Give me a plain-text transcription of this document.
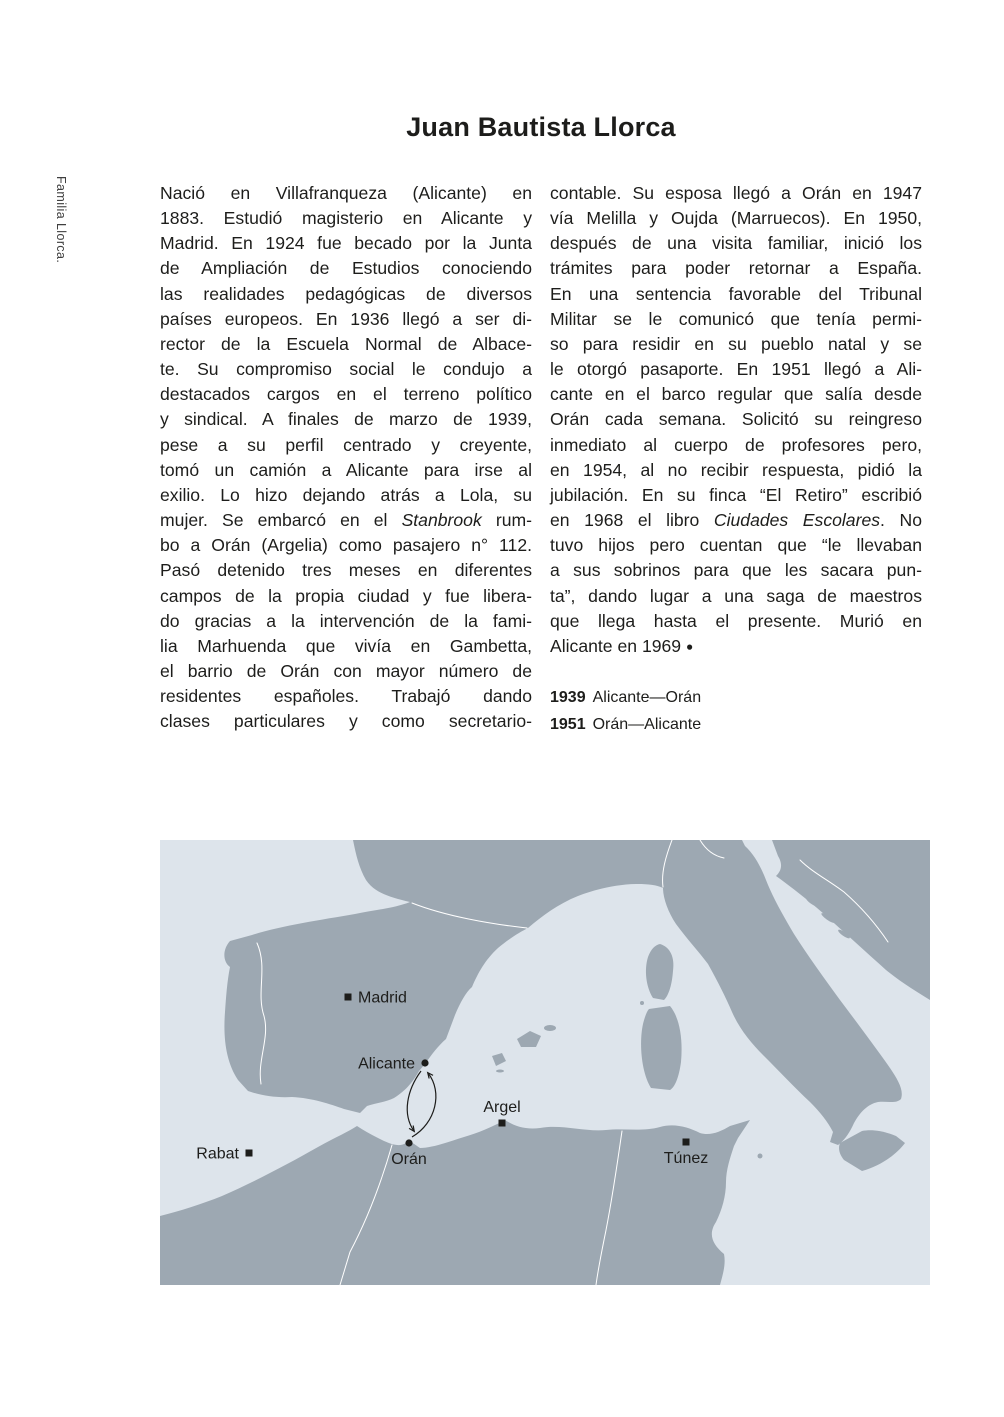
Familia Llorca.
Juan Bautista Llorca
Nació en Villafranqueza (Alicante) en
1883. Estudió magisterio en Alicante y
Madrid. En 1924 fue becado por la Junta
de Ampliación de Estudios conociendo
las realidades pedagógicas de diversos
países europeos. En 1936 llegó a ser di-
rector de la Escuela Normal de Albace-
te. Su compromiso social le condujo a
destacados cargos en el terreno político
y sindical. A finales de marzo de 1939,
pese a su perfil centrado y creyente,
tomó un camión a Alicante para irse al
exilio. Lo hizo dejando atrás a Lola, su
mujer. Se embarcó en el Stanbrook rum-
bo a Orán (Argelia) como pasajero n° 112.
Pasó detenido tres meses en diferentes
campos de la propia ciudad y fue libera-
do gracias a la intervención de la fami-
lia Marhuenda que vivía en Gambetta,
el barrio de Orán con mayor número de
residentes españoles. Trabajó dando
clases particulares y como secretario-
contable. Su esposa llegó a Orán en 1947
vía Melilla y Oujda (Marruecos). En 1950,
después de una visita familiar, inició los
trámites para poder retornar a España.
En una sentencia favorable del Tribunal
Militar se le comunicó que tenía permi-
so para residir en su pueblo natal y se
le otorgó pasaporte. En 1951 llegó a Ali-
cante en el barco regular que salía desde
Orán cada semana. Solicitó su reingreso
inmediato al cuerpo de profesores pero,
en 1954, al no recibir respuesta, pidió la
jubilación. En su finca “El Retiro” escribió
en 1968 el libro Ciudades Escolares. No
tuvo hijos pero cuentan que “le llevaban
a sus sobrinos para que les sacara pun-
ta”, dando lugar a una saga de maestros
que llega hasta el presente. Murió en
Alicante en 1969 ●
1939 Alicante—Orán
1951 Orán—Alicante
Madrid
Alicante
Argel
Orán
Rabat	Túnez
